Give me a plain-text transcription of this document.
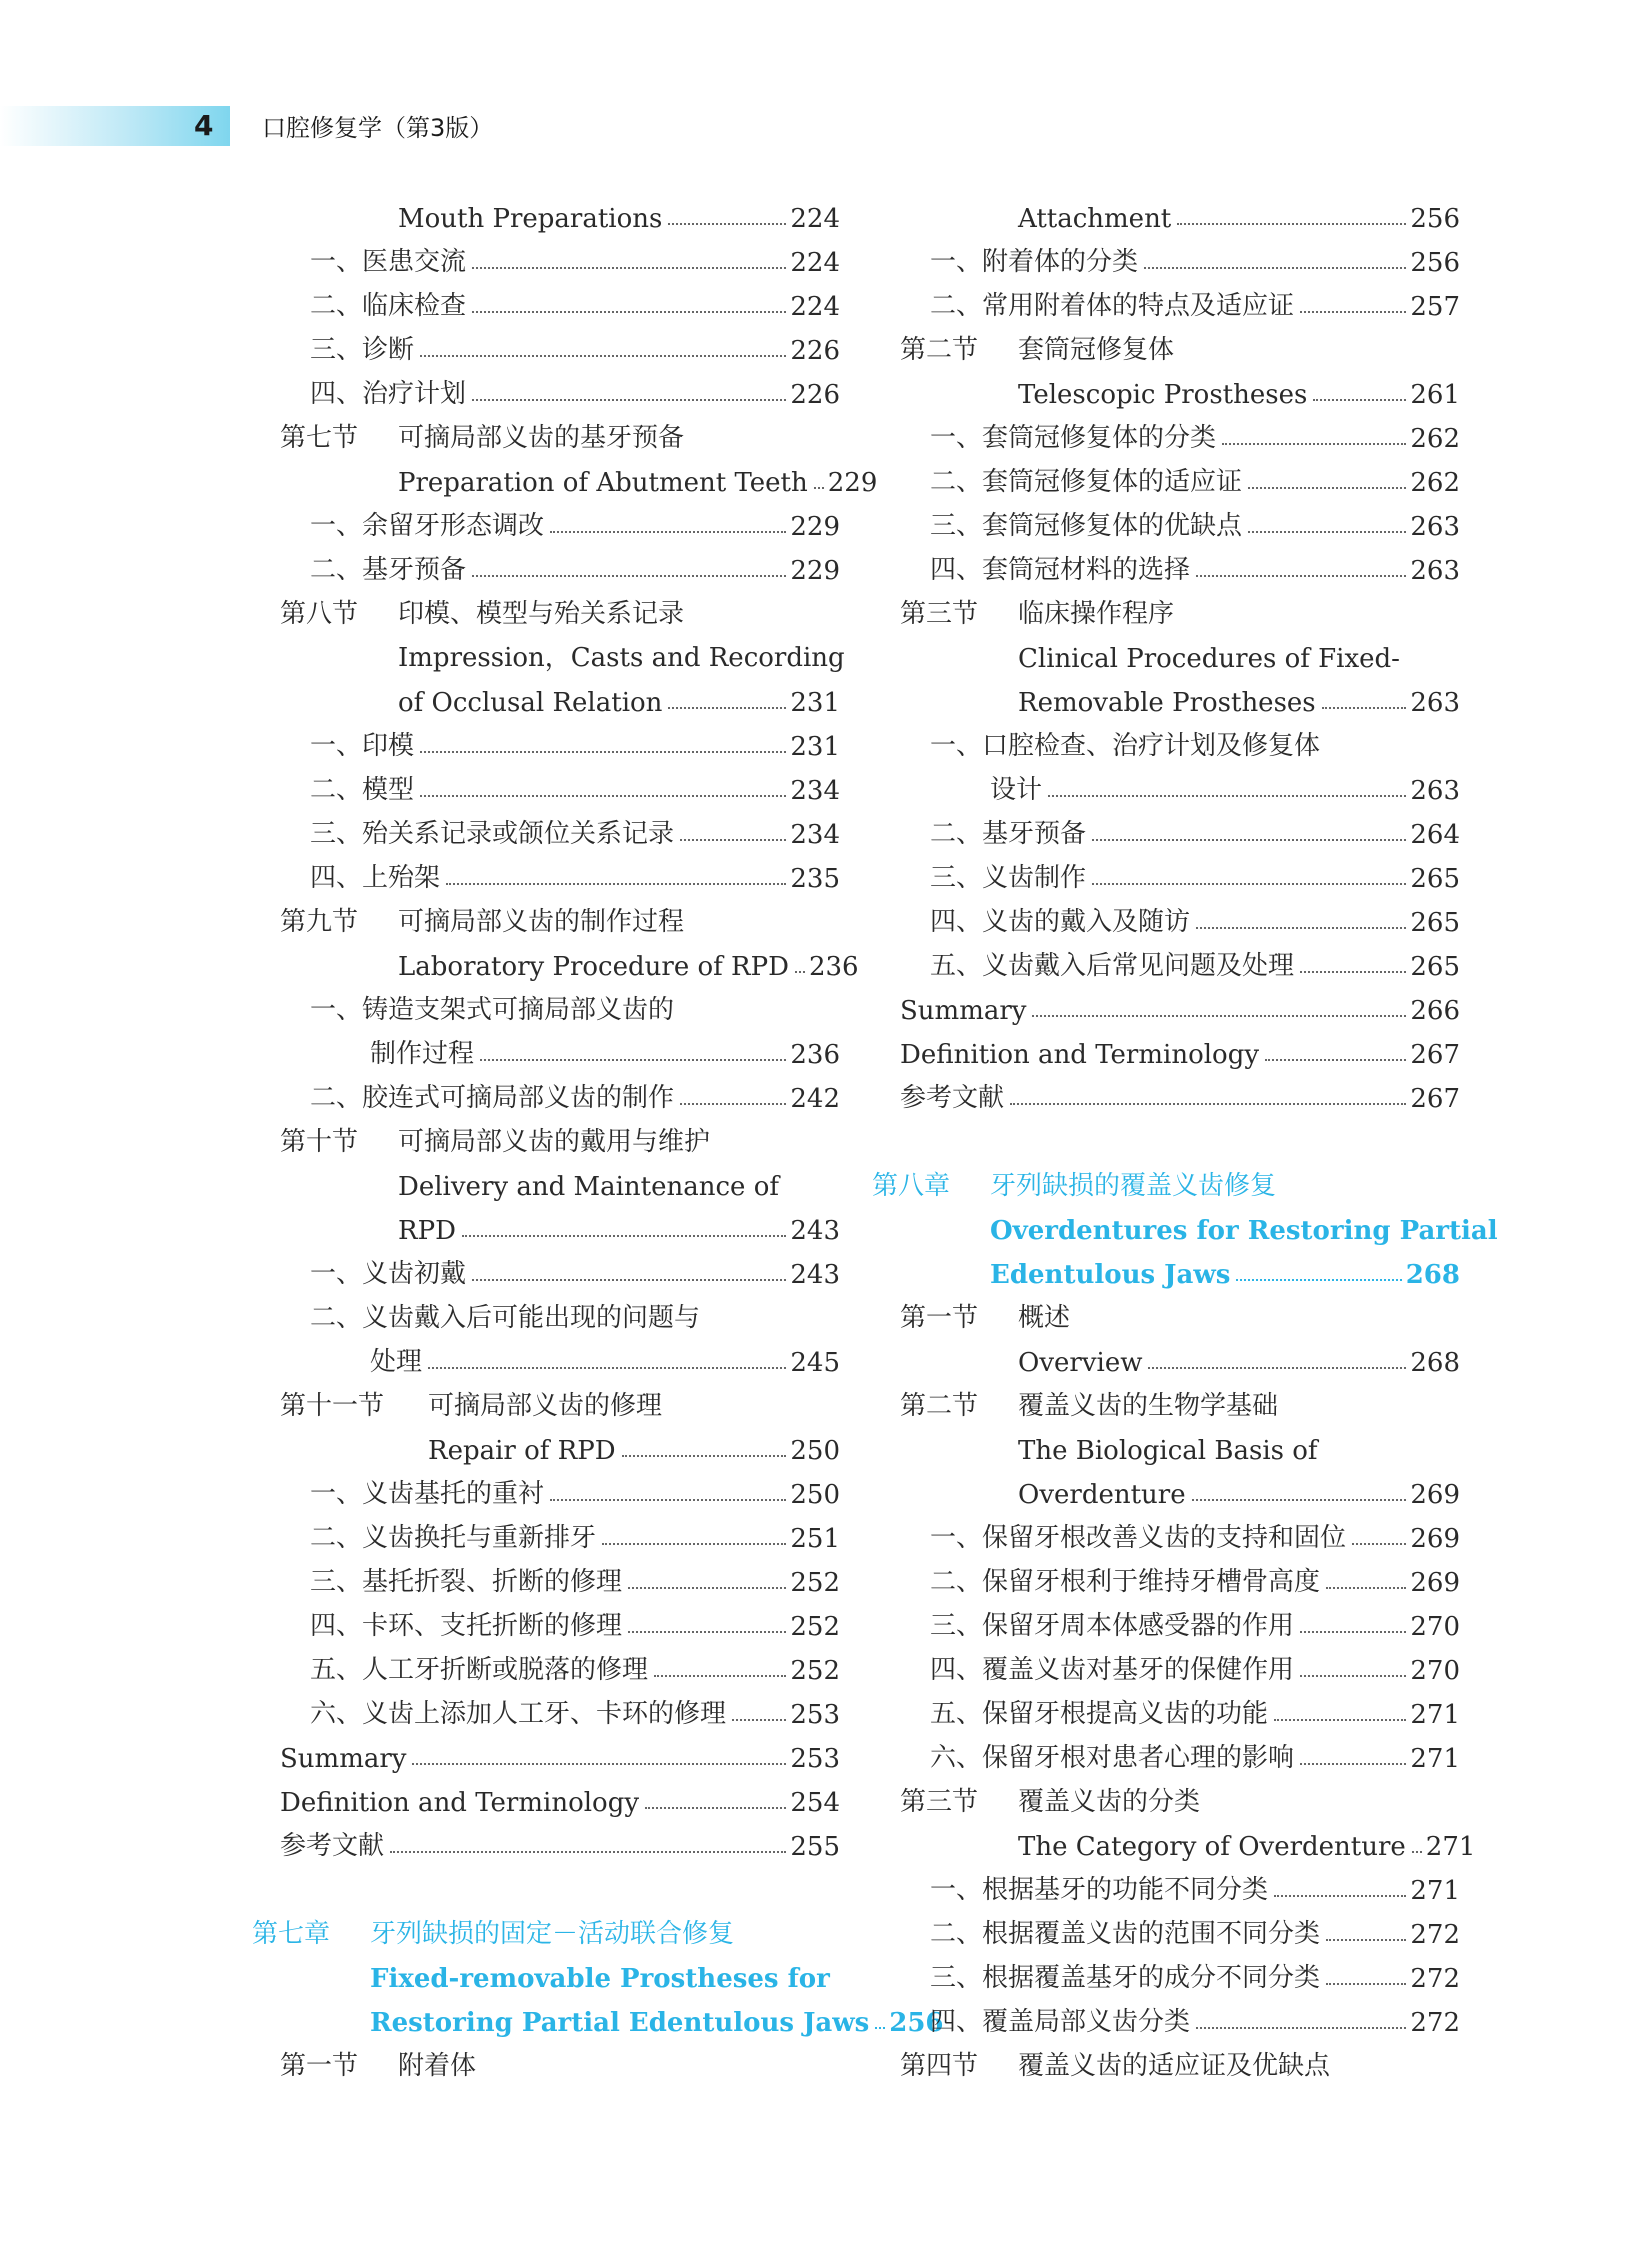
4 口腔修复学（第3版）
Mouth Preparations	224
一、医患交流	224
二、临床检查	224
三、诊断	226
四、治疗计划	226
第七节	可摘局部义齿的基牙预备
Preparation of Abutment Teeth 229
一、余留牙形态调改	229
二、基牙预备	229
第八节	印模、模型与殆关系记录
Impression，Casts and Recording
of Occlusal Relation	231
一、印模	231
二、模型	234
三、殆关系记录或颌位关系记录	234
四、上殆架	235
第九节	可摘局部义齿的制作过程
Laboratory Procedure of RPD 236
一、铸造支架式可摘局部义齿的
制作过程	236
二、胶连式可摘局部义齿的制作	242
第十节	可摘局部义齿的戴用与维护
Delivery and Maintenance of
RPD	243
一、义齿初戴	243
二、义齿戴入后可能出现的问题与
处理	245
第十一节	可摘局部义齿的修理
Repair of RPD	250
一、义齿基托的重衬	250
二、义齿换托与重新排牙	251
三、基托折裂、折断的修理	252
四、卡环、支托折断的修理	252
五、人工牙折断或脱落的修理	252
六、义齿上添加人工牙、卡环的修理 253
Summary	253
Definition and Terminology	254
参考文献	255
第七章	牙列缺损的固定－活动联合修复
Fixed-removable Prostheses for
Restoring Partial Edentulous Jaws 256
第一节	附着体
Attachment	256
一、附着体的分类	256
二、常用附着体的特点及适应证	257
第二节	套筒冠修复体
Telescopic Prostheses	261
一、套筒冠修复体的分类	262
二、套筒冠修复体的适应证	262
三、套筒冠修复体的优缺点	263
四、套筒冠材料的选择	263
第三节	临床操作程序
Clinical Procedures of Fixed-
Removable Prostheses	263
一、口腔检查、治疗计划及修复体
设计	263
二、基牙预备	264
三、义齿制作	265
四、义齿的戴入及随访	265
五、义齿戴入后常见问题及处理	265
Summary	266
Definition and Terminology	267
参考文献	267
第八章	牙列缺损的覆盖义齿修复
Overdentures for Restoring Partial
Edentulous Jaws	268
第一节	概述
Overview	268
第二节	覆盖义齿的生物学基础
The Biological Basis of
Overdenture	269
一、保留牙根改善义齿的支持和固位 269
二、保留牙根利于维持牙槽骨高度	269
三、保留牙周本体感受器的作用	270
四、覆盖义齿对基牙的保健作用	270
五、保留牙根提高义齿的功能	271
六、保留牙根对患者心理的影响	271
第三节	覆盖义齿的分类
The Category of Overdenture 271
一、根据基牙的功能不同分类	271
二、根据覆盖义齿的范围不同分类	272
三、根据覆盖基牙的成分不同分类	272
四、覆盖局部义齿分类	272
第四节	覆盖义齿的适应证及优缺点
